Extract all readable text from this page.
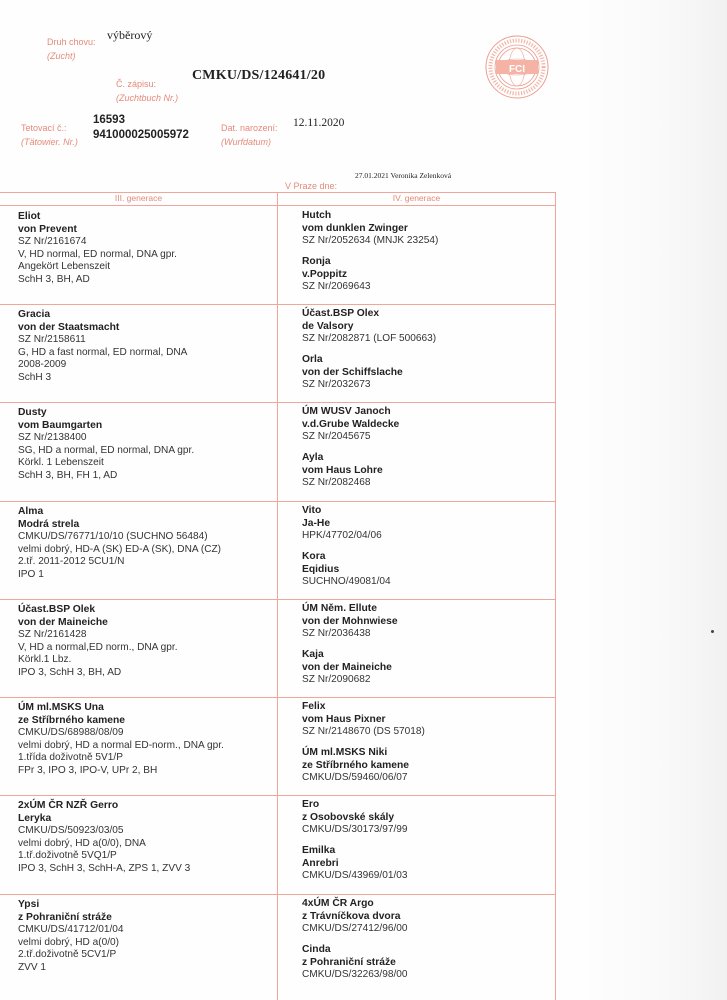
Druh chovu:
(Zucht)
výběrový
Č. zápisu:
(Zuchtbuch Nr.)
CMKU/DS/124641/20
Tetovací č.:
(Tätowier. Nr.)
16593
941000025005972
Dat. narození:
(Wurfdatum)
12.11.2020
27.01.2021 Veronika Zelenková
V Praze dne:
FCI
III. generace	IV. generace
Eliot
von Prevent
SZ Nr/2161674
V, HD normal, ED normal, DNA gpr.
Angekört Lebenszeit
SchH 3, BH, AD
Hutch
vom dunklen Zwinger
SZ Nr/2052634 (MNJK 23254)
Ronja
v.Poppitz
SZ Nr/2069643
Gracia
von der Staatsmacht
SZ Nr/2158611
G, HD a fast normal, ED normal, DNA
2008-2009
SchH 3
Účast.BSP Olex
de Valsory
SZ Nr/2082871 (LOF 500663)
Orla
von der Schiffslache
SZ Nr/2032673
Dusty
vom Baumgarten
SZ Nr/2138400
SG, HD a normal, ED normal, DNA gpr.
Körkl. 1 Lebenszeit
SchH 3, BH, FH 1, AD
ÚM WUSV Janoch
v.d.Grube Waldecke
SZ Nr/2045675
Ayla
vom Haus Lohre
SZ Nr/2082468
Alma
Modrá strela
CMKU/DS/76771/10/10 (SUCHNO 56484)
velmi dobrý, HD-A (SK) ED-A (SK), DNA (CZ)
2.tř. 2011-2012 5CU1/N
IPO 1
Vito
Ja-He
HPK/47702/04/06
Kora
Eqidius
SUCHNO/49081/04
Účast.BSP Olek
von der Maineiche
SZ Nr/2161428
V, HD a normal,ED norm., DNA gpr.
Körkl.1 Lbz.
IPO 3, SchH 3, BH, AD
ÚM Něm. Ellute
von der Mohnwiese
SZ Nr/2036438
Kaja
von der Maineiche
SZ Nr/2090682
ÚM ml.MSKS Una
ze Stříbrného kamene
CMKU/DS/68988/08/09
velmi dobrý, HD a normal ED-norm., DNA gpr.
1.třída doživotně 5V1/P
FPr 3, IPO 3, IPO-V, UPr 2, BH
Felix
vom Haus Pixner
SZ Nr/2148670 (DS 57018)
ÚM ml.MSKS Niki
ze Stříbrného kamene
CMKU/DS/59460/06/07
2xÚM ČR NZŘ Gerro
Leryka
CMKU/DS/50923/03/05
velmi dobrý, HD a(0/0), DNA
1.tř.doživotně 5VQ1/P
IPO 3, SchH 3, SchH-A, ZPS 1, ZVV 3
Ero
z Osobovské skály
CMKU/DS/30173/97/99
Emilka
Anrebri
CMKU/DS/43969/01/03
Ypsi
z Pohraniční stráže
CMKU/DS/41712/01/04
velmi dobrý, HD a(0/0)
2.tř.doživotně 5CV1/P
ZVV 1
4xÚM ČR Argo
z Trávníčkova dvora
CMKU/DS/27412/96/00
Cinda
z Pohraniční stráže
CMKU/DS/32263/98/00
